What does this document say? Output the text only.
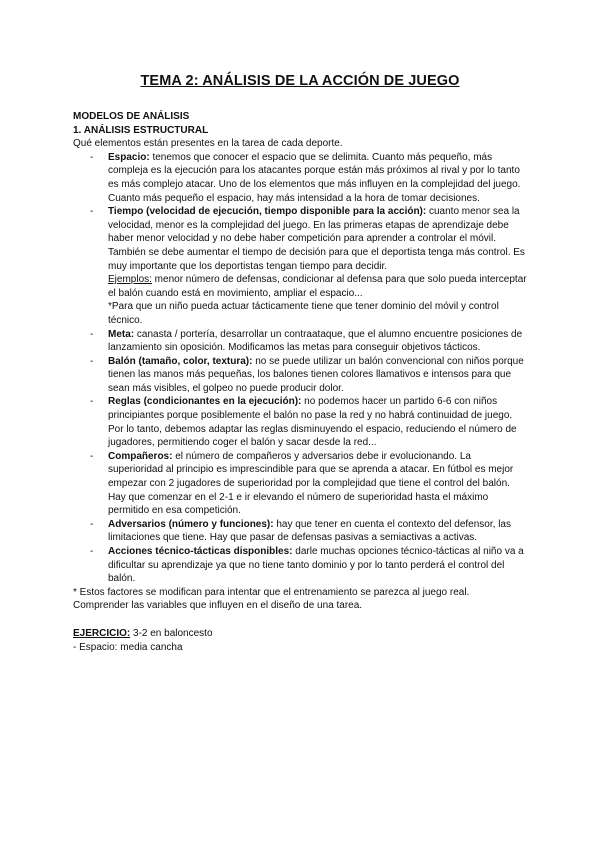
TEMA 2: ANÁLISIS DE LA ACCIÓN DE JUEGO

MODELOS DE ANÁLISIS

1. ANÁLISIS ESTRUCTURAL

Qué elementos están presentes en la tarea de cada deporte.

- Espacio: tenemos que conocer el espacio que se delimita. Cuanto más pequeño, más compleja es la ejecución para los atacantes porque están más próximos al rival y por lo tanto es más complejo atacar. Uno de los elementos que más influyen en la complejidad del juego. Cuanto más pequeño el espacio, hay más intensidad a la hora de tomar decisiones.
- Tiempo (velocidad de ejecución, tiempo disponible para la acción): cuanto menor sea la velocidad, menor es la complejidad del juego. En las primeras etapas de aprendizaje debe haber menor velocidad y no debe haber competición para aprender a controlar el móvil. También se debe aumentar el tiempo de decisión para que el deportista tenga más control. Es muy importante que los deportistas tengan tiempo para decidir.
Ejemplos: menor número de defensas, condicionar al defensa para que solo pueda interceptar el balón cuando está en movimiento, ampliar el espacio...
*Para que un niño pueda actuar tácticamente tiene que tener dominio del móvil y control técnico.
- Meta: canasta / portería, desarrollar un contraataque, que el alumno encuentre posiciones de lanzamiento sin oposición. Modificamos las metas para conseguir objetivos tácticos.
- Balón (tamaño, color, textura): no se puede utilizar un balón convencional con niños porque tienen las manos más pequeñas, los balones tienen colores llamativos e intensos para que sean más visibles, el golpeo no puede producir dolor.
- Reglas (condicionantes en la ejecución): no podemos hacer un partido 6-6 con niños principiantes porque posiblemente el balón no pase la red y no habrá continuidad de juego. Por lo tanto, debemos adaptar las reglas disminuyendo el espacio, reduciendo el número de jugadores, permitiendo coger el balón y sacar desde la red...
- Compañeros: el número de compañeros y adversarios debe ir evolucionando. La superioridad al principio es imprescindible para que se aprenda a atacar. En fútbol es mejor empezar con 2 jugadores de superioridad por la complejidad que tiene el control del balón. Hay que comenzar en el 2-1 e ir elevando el número de superioridad hasta el máximo permitido en esa competición.
- Adversarios (número y funciones): hay que tener en cuenta el contexto del defensor, las limitaciones que tiene. Hay que pasar de defensas pasivas a semiactivas a activas.
- Acciones técnico-tácticas disponibles: darle muchas opciones técnico-tácticas al niño va a dificultar su aprendizaje ya que no tiene tanto dominio y por lo tanto perderá el control del balón.

* Estos factores se modifican para intentar que el entrenamiento se parezca al juego real.

Comprender las variables que influyen en el diseño de una tarea.

EJERCICIO: 3-2 en baloncesto

- Espacio: media cancha
